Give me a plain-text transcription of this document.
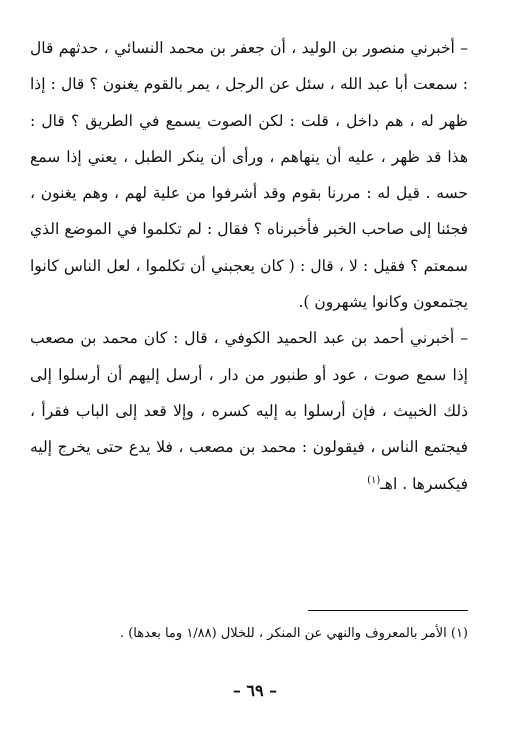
– أخبرني منصور بن الوليد ، أن جعفر بن محمد النسائي ، حدثهم قال : سمعت أبا عبد الله ، سئل عن الرجل ، يمر بالقوم يغنون ؟ قال : إذا ظهر له ، هم داخل ، قلت : لكن الصوت يسمع في الطريق ؟ قال : هذا قد ظهر ، عليه أن ينهاهم ، ورأى أن ينكر الطبل ، يعني إذا سمع حسه . قيل له : مررنا بقوم وقد أشرفوا من علية لهم ، وهم يغنون ، فجئنا إلى صاحب الخبر فأخبرناه ؟ فقال : لم تكلموا في الموضع الذي سمعتم ؟ فقيل : لا ، قال : ( كان يعجبني أن تكلموا ، لعل الناس كانوا يجتمعون وكانوا يشهرون ).

– أخبرني أحمد بن عبد الحميد الكوفي ، قال : كان محمد بن مصعب إذا سمع صوت ، عود أو طنبور من دار ، أرسل إليهم أن أرسلوا إلى ذلك الخبيث ، فإن أرسلوا به إليه كسره ، وإلا قعد إلى الباب فقرأ ، فيجتمع الناس ، فيقولون : محمد بن مصعب ، فلا يدع حتى يخرج إليه فيكسرها . اهـ$^{(١)}$

(١) الأمر بالمعروف والنهي عن المنكر ، للخلال (١/٨٨ وما بعدها) .

– ٦٩ –
